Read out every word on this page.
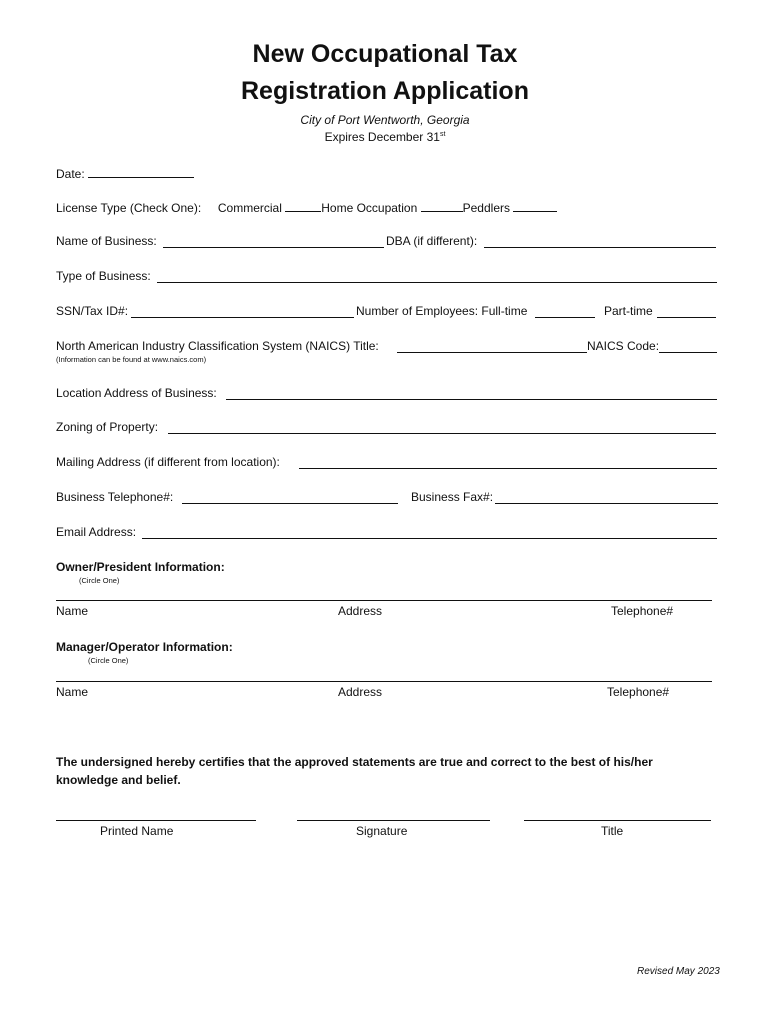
New Occupational Tax
Registration Application
City of Port Wentworth, Georgia
Expires December 31st
Date:
License Type (Check One): Commercial	Home Occupation	Peddlers
Name of Business:	DBA (if different):
Type of Business:
SSN/Tax ID#:	Number of Employees: Full-time	Part-time
North American Industry Classification System (NAICS) Title:	NAICS Code:
(Information can be found at www.naics.com)
Location Address of Business:
Zoning of Property:
Mailing Address (if different from location):
Business Telephone#:	Business Fax#:
Email Address:
Owner/President Information:
(Circle One)
Name	Address	Telephone#
Manager/Operator Information:
(Circle One)
Name	Address	Telephone#
The undersigned hereby certifies that the approved statements are true and correct to the best of his/her
knowledge and belief.
Printed Name	Signature	Title
Revised May 2023
